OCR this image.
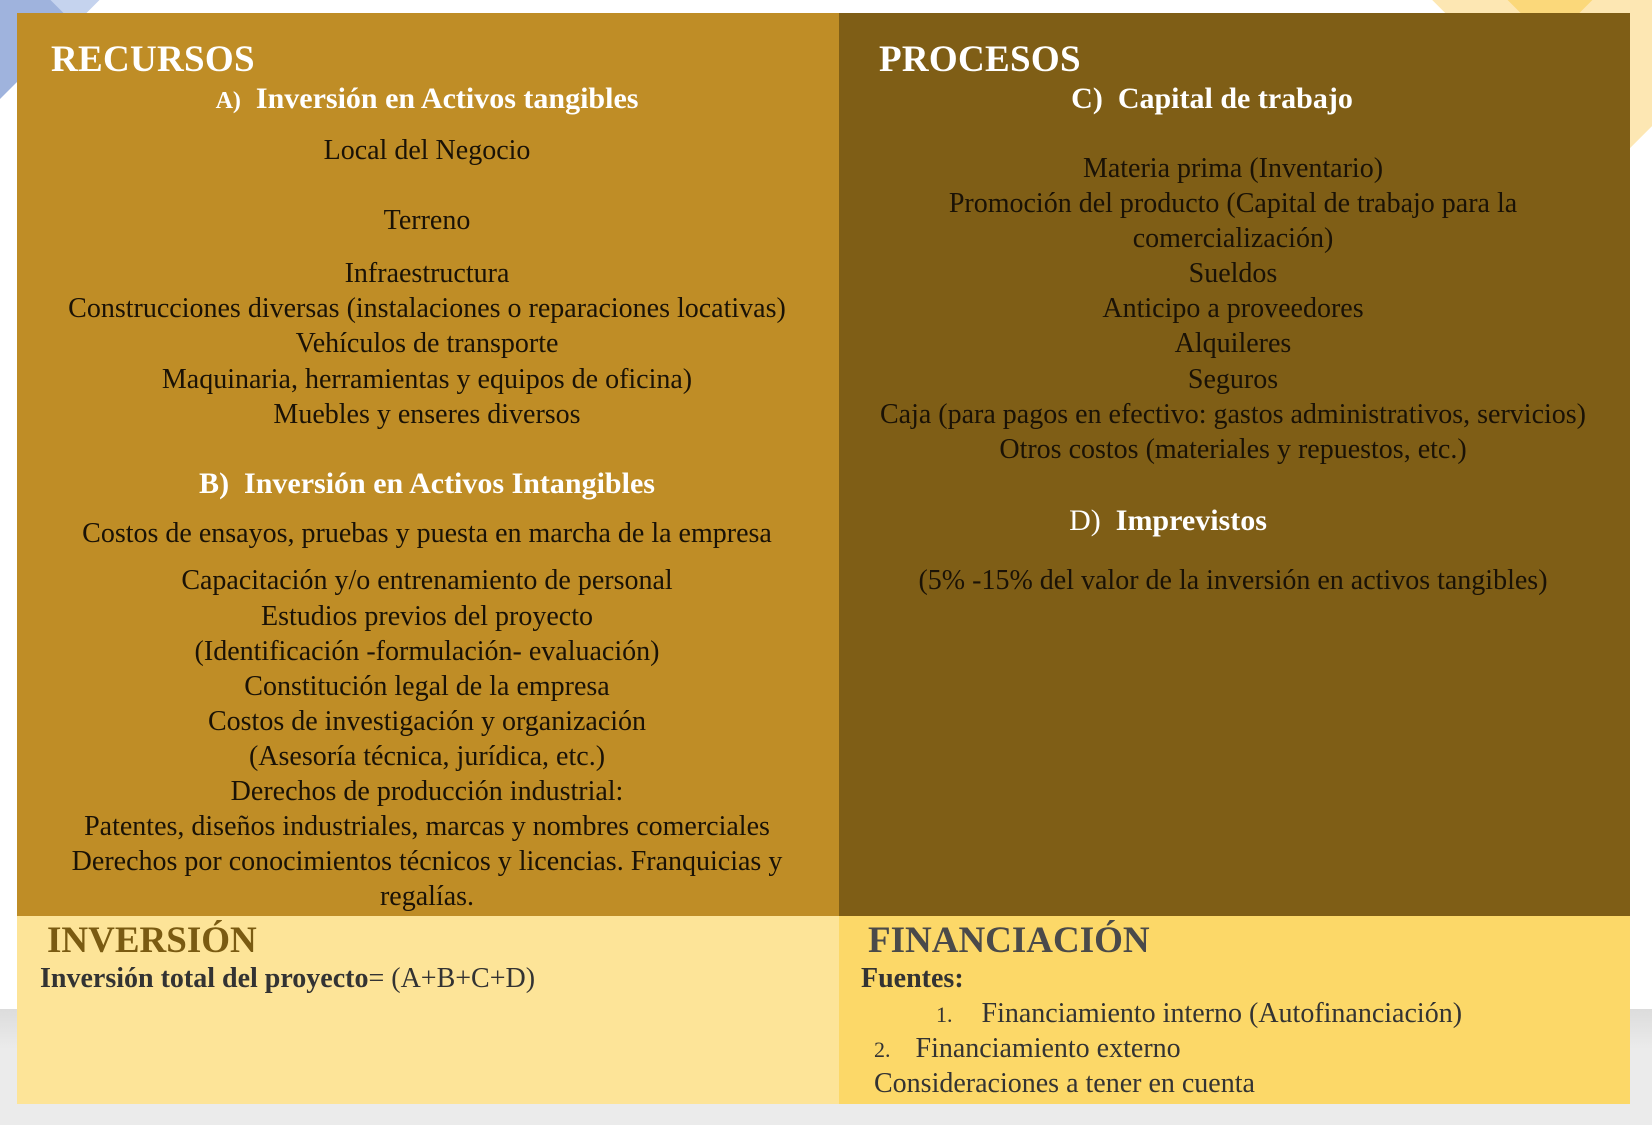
RECURSOS
A) Inversión en Activos tangibles
Local del Negocio
Terreno
Infraestructura
Construcciones diversas (instalaciones o reparaciones locativas)
Vehículos de transporte
Maquinaria, herramientas y equipos de oficina)
Muebles y enseres diversos
B) Inversión en Activos Intangibles
Costos de ensayos, pruebas y puesta en marcha de la empresa
Capacitación y/o entrenamiento de personal
Estudios previos del proyecto
(Identificación -formulación- evaluación)
Constitución legal de la empresa
Costos de investigación y organización
(Asesoría técnica, jurídica, etc.)
Derechos de producción industrial:
Patentes, diseños industriales, marcas y nombres comerciales
Derechos por conocimientos técnicos y licencias. Franquicias y
regalías.
PROCESOS
C) Capital de trabajo
Materia prima (Inventario)
Promoción del producto (Capital de trabajo para la
comercialización)
Sueldos
Anticipo a proveedores
Alquileres
Seguros
Caja (para pagos en efectivo: gastos administrativos, servicios)
Otros costos (materiales y repuestos, etc.)
D) Imprevistos
(5% -15% del valor de la inversión en activos tangibles)
INVERSIÓN
Inversión total del proyecto= (A+B+C+D)
FINANCIACIÓN
Fuentes:
1. Financiamiento interno (Autofinanciación)
2. Financiamiento externo
Consideraciones a tener en cuenta
